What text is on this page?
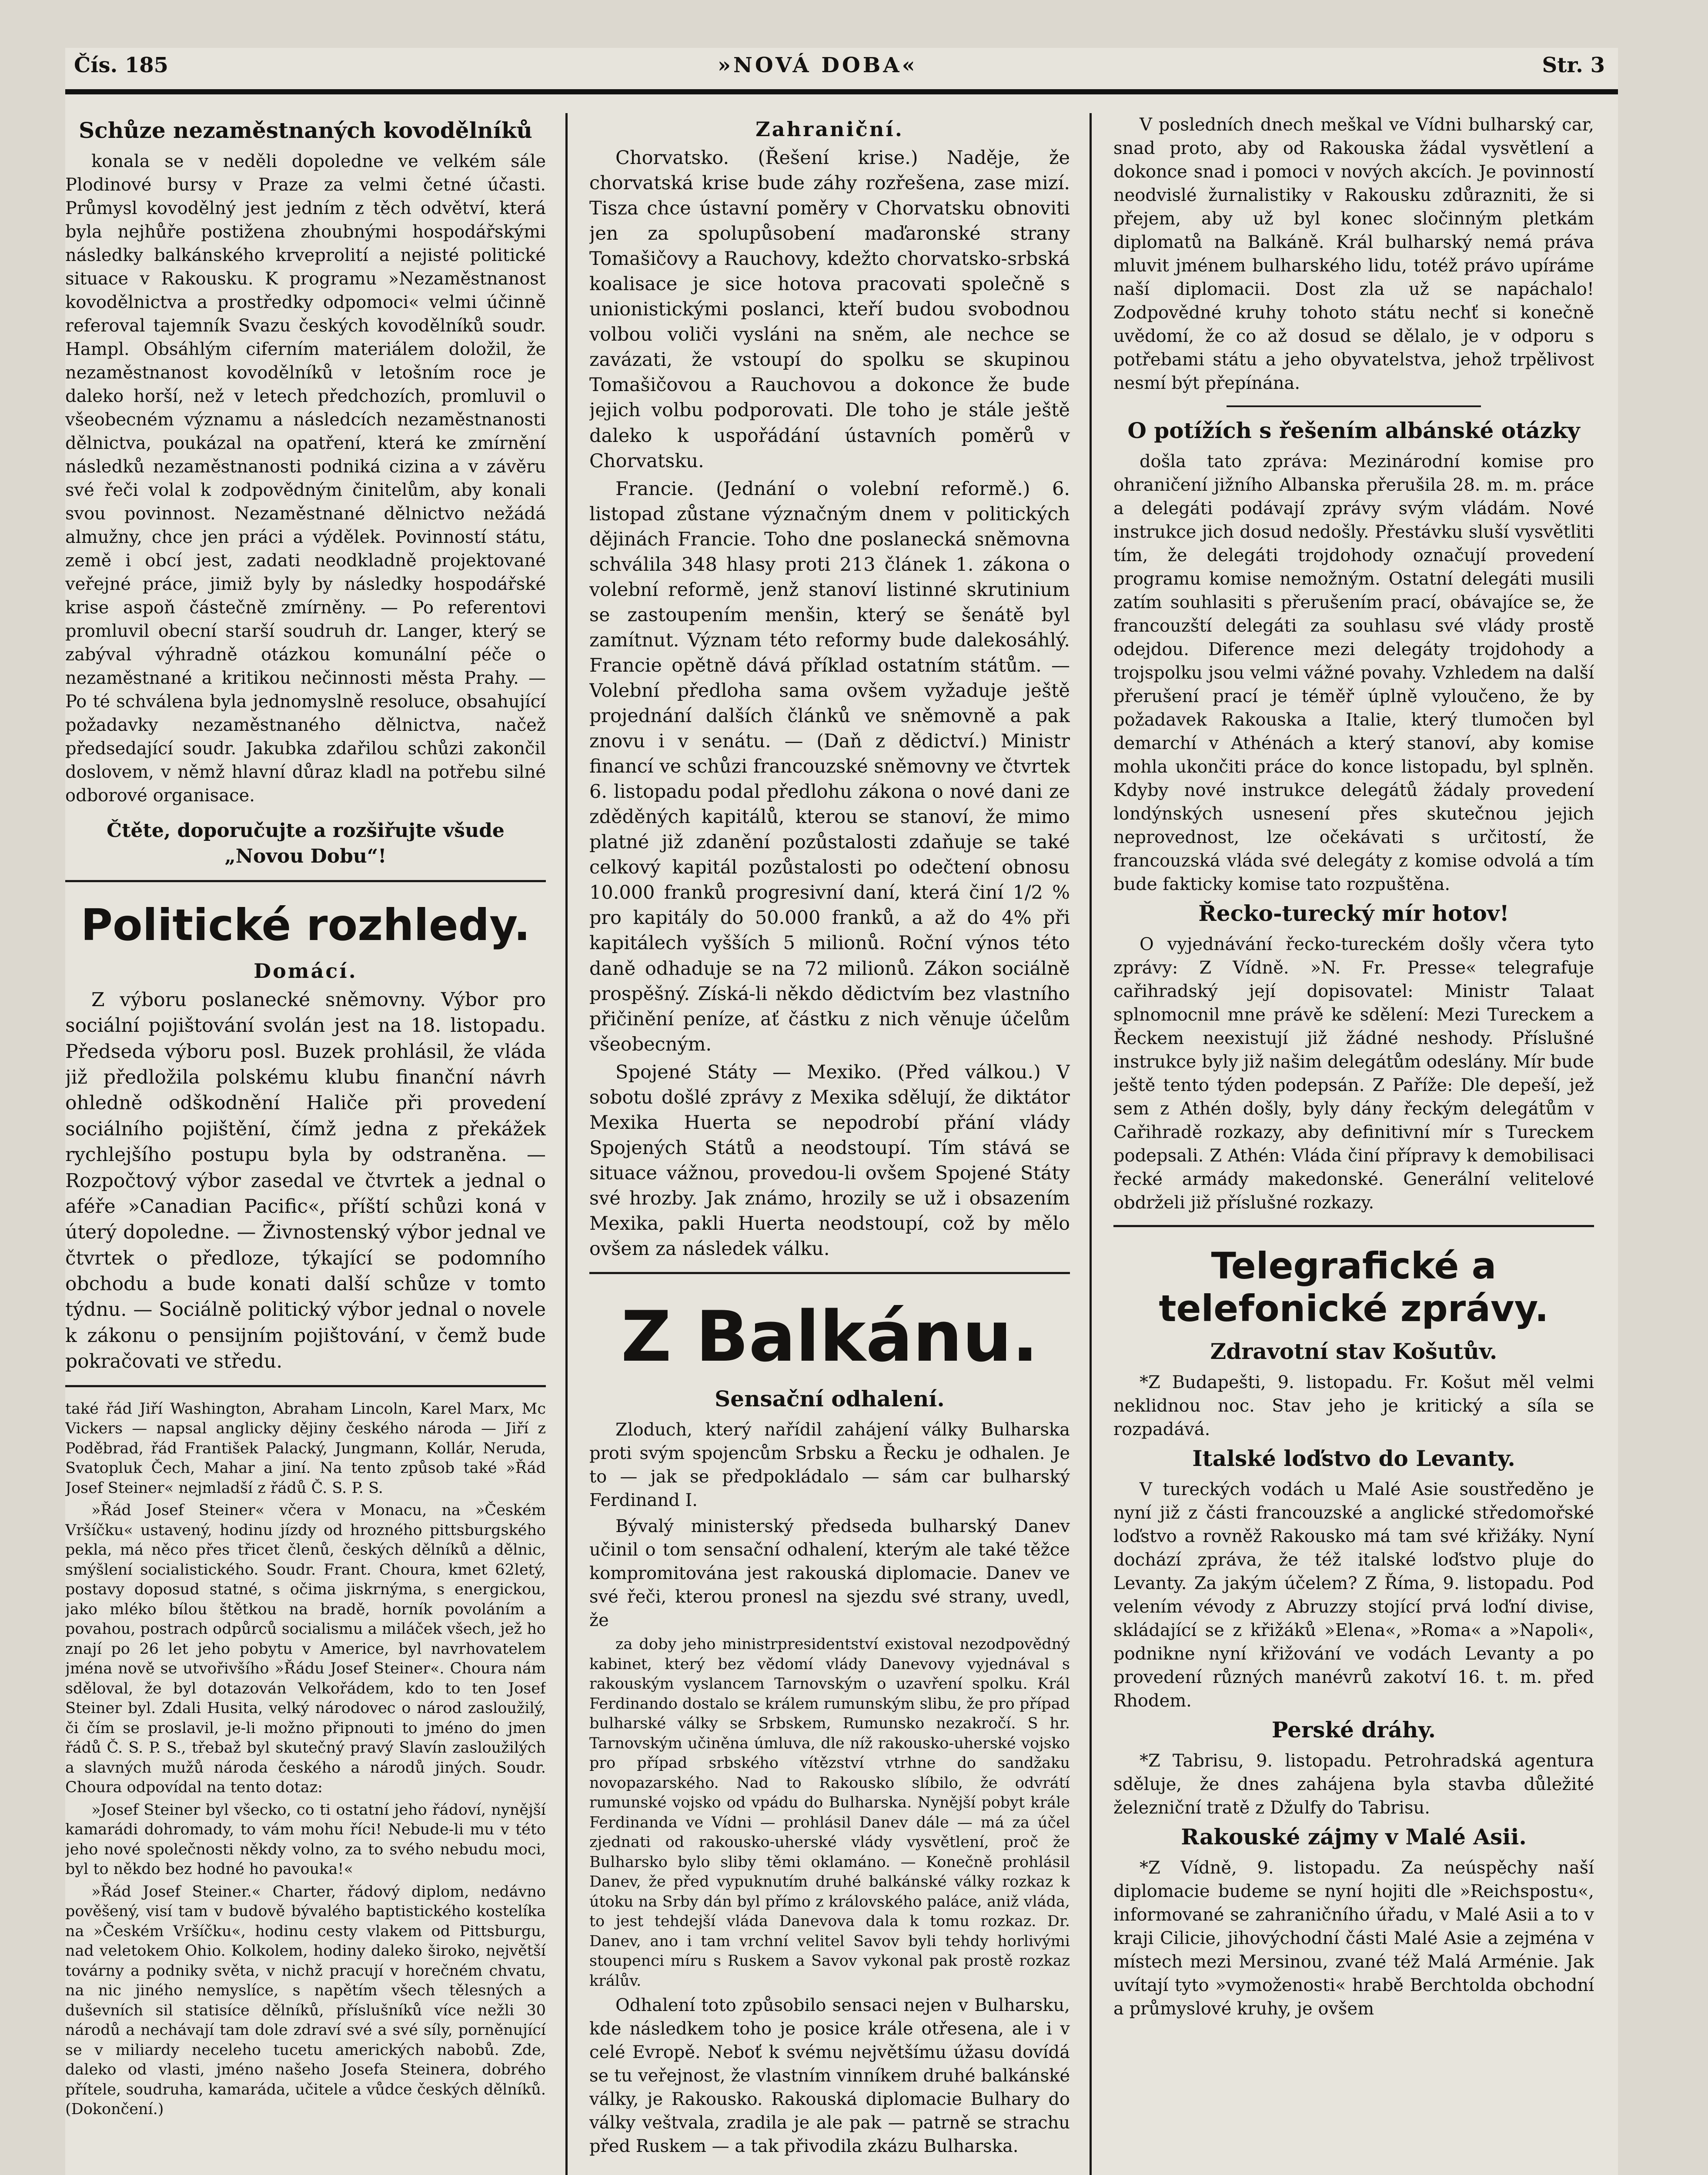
Čís. 185	»NOVÁ DOBA«	Str. 3
Schůze nezaměstnaných kovodělníků

konala se v neděli dopoledne ve velkém sále Plodinové bursy v Praze za velmi četné účasti. Průmysl kovodělný jest jedním z těch odvětví, která byla nejhůře postižena zhoubnými hospodářskými následky balkánského krveprolití a nejisté politické situace v Rakousku. K programu »Nezaměstnanost kovodělnictva a prostředky odpomoci« velmi účinně referoval tajemník Svazu českých kovodělníků soudr. Hampl. Obsáhlým ciferním materiálem doložil, že nezaměstnanost kovodělníků v letošním roce je daleko horší, než v letech předchozích, promluvil o všeobecném významu a následcích nezaměstnanosti dělnictva, poukázal na opatření, která ke zmírnění následků nezaměstnanosti podniká cizina a v závěru své řeči volal k zodpovědným činitelům, aby konali svou povinnost. Nezaměstnané dělnictvo nežádá almužny, chce jen práci a výdělek. Povinností státu, země i obcí jest, zadati neodkladně projektované veřejné práce, jimiž byly by následky hospodářské krise aspoň částečně zmírněny. — Po referentovi promluvil obecní starší soudruh dr. Langer, který se zabýval výhradně otázkou komunální péče o nezaměstnané a kritikou nečinnosti města Prahy. — Po té schválena byla jednomyslně resoluce, obsahující požadavky nezaměstnaného dělnictva, načež předsedající soudr. Jakubka zdařilou schůzi zakončil doslovem, v němž hlavní důraz kladl na potřebu silné odborové organisace.

Čtěte, doporučujte a rozšiřujte všude „Novou Dobu“!

Politické rozhledy.
Domácí.

Z výboru poslanecké sněmovny. Výbor pro sociální pojištování svolán jest na 18. listopadu. Předseda výboru posl. Buzek prohlásil, že vláda již předložila polskému klubu finanční návrh ohledně odškodnění Haliče při provedení sociálního pojištění, čímž jedna z překážek rychlejšího postupu byla by odstraněna. — Rozpočtový výbor zasedal ve čtvrtek a jednal o aféře »Canadian Pacific«, příští schůzi koná v úterý dopoledne. — Živnostenský výbor jednal ve čtvrtek o předloze, týkající se podomního obchodu a bude konati další schůze v tomto týdnu. — Sociálně politický výbor jednal o novele k zákonu o pensijním pojištování, v čemž bude pokračovati ve středu.

také řád Jiří Washington, Abraham Lincoln, Karel Marx, Mc Vickers — napsal anglicky dějiny českého národa — Jiří z Poděbrad, řád František Palacký, Jungmann, Kollár, Neruda, Svatopluk Čech, Mahar a jiní. Na tento způsob také »Řád Josef Steiner« nejmladší z řádů Č. S. P. S.

»Řád Josef Steiner« včera v Monacu, na »Českém Vršíčku« ustavený, hodinu jízdy od hrozného pittsburgského pekla, má něco přes třicet členů, českých dělníků a dělnic, smýšlení socialistického. Soudr. Frant. Choura, kmet 62letý, postavy doposud statné, s očima jiskrnýma, s energickou, jako mléko bílou štětkou na bradě, horník povoláním a povahou, postrach odpůrců socialismu a miláček všech, jež ho znají po 26 let jeho pobytu v Americe, byl navrhovatelem jména nově se utvořivšího »Řádu Josef Steiner«. Choura nám sděloval, že byl dotazován Velkořádem, kdo to ten Josef Steiner byl. Zdali Husita, velký národovec o národ zasloužilý, či čím se proslavil, je-li možno připnouti to jméno do jmen řádů Č. S. P. S., třebaž byl skutečný pravý Slavín zasloužilých a slavných mužů národa českého a národů jiných. Soudr. Choura odpovídal na tento dotaz:

»Josef Steiner byl všecko, co ti ostatní jeho řádoví, nynější kamarádi dohromady, to vám mohu říci! Nebude-li mu v této jeho nové společnosti někdy volno, za to svého nebudu moci, byl to někdo bez hodné ho pavouka!«

»Řád Josef Steiner.« Charter, řádový diplom, nedávno pověšený, visí tam v budově bývalého baptistického kostelíka na »Českém Vršíčku«, hodinu cesty vlakem od Pittsburgu, nad veletokem Ohio. Kolkolem, hodiny daleko široko, největší továrny a podniky světa, v nichž pracují v horečném chvatu, na nic jiného nemyslíce, s napětím všech tělesných a duševních sil statisíce dělníků, příslušníků více nežli 30 národů a nechávají tam dole zdraví své a své síly, porněnující se v miliardy neceleho tucetu amerických nabobů. Zde, daleko od vlasti, jméno našeho Josefa Steinera, dobrého přítele, soudruha, kamaráda, učitele a vůdce českých dělníků. (Dokončení.)

Zahraniční.

Chorvatsko. (Řešení krise.) Naděje, že chorvatská krise bude záhy rozřešena, zase mizí. Tisza chce ústavní poměry v Chorvatsku obnoviti jen za spolupůsobení maďaronské strany Tomašičovy a Rauchovy, kdežto chorvatsko-srbská koalisace je sice hotova pracovati společně s unionistickými poslanci, kteří budou svobodnou volbou voliči vysláni na sněm, ale nechce se zavázati, že vstoupí do spolku se skupinou Tomašičovou a Rauchovou a dokonce že bude jejich volbu podporovati. Dle toho je stále ještě daleko k uspořádání ústavních poměrů v Chorvatsku.

Francie. (Jednání o volební reformě.) 6. listopad zůstane význačným dnem v politických dějinách Francie. Toho dne poslanecká sněmovna schválila 348 hlasy proti 213 článek 1. zákona o volební reformě, jenž stanoví listinné skrutinium se zastoupením menšin, který se šenátě byl zamítnut. Význam této reformy bude dalekosáhlý. Francie opětně dává příklad ostatním státům. — Volební předloha sama ovšem vyžaduje ještě projednání dalších článků ve sněmovně a pak znovu i v senátu. — (Daň z dědictví.) Ministr financí ve schůzi francouzské sněmovny ve čtvrtek 6. listopadu podal předlohu zákona o nové dani ze zděděných kapitálů, kterou se stanoví, že mimo platné již zdanění pozůstalosti zdaňuje se také celkový kapitál pozůstalosti po odečtení obnosu 10.000 franků progresivní daní, která činí 1/2 % pro kapitály do 50.000 franků, a až do 4% při kapitálech vyšších 5 milionů. Roční výnos této daně odhaduje se na 72 milionů. Zákon sociálně prospěšný. Získá-li někdo dědictvím bez vlastního přičinění peníze, ať částku z nich věnuje účelům všeobecným.

Spojené Státy — Mexiko. (Před válkou.) V sobotu došlé zprávy z Mexika sdělují, že diktátor Mexika Huerta se nepodrobí přání vlády Spojených Států a neodstoupí. Tím stává se situace vážnou, provedou-li ovšem Spojené Státy své hrozby. Jak známo, hrozily se už i obsazením Mexika, pakli Huerta neodstoupí, což by mělo ovšem za následek válku.

Z Balkánu.
Sensační odhalení.

Zloduch, který nařídil zahájení války Bulharska proti svým spojencům Srbsku a Řecku je odhalen. Je to — jak se předpokládalo — sám car bulharský Ferdinand I.

Bývalý ministerský předseda bulharský Danev učinil o tom sensační odhalení, kterým ale také těžce kompromitována jest rakouská diplomacie. Danev ve své řeči, kterou pronesl na sjezdu své strany, uvedl, že

za doby jeho ministrpresidentství existoval nezodpovědný kabinet, který bez vědomí vlády Danevovy vyjednával s rakouským vyslancem Tarnovským o uzavření spolku. Král Ferdinando dostalo se králem rumunským slibu, že pro případ bulharské války se Srbskem, Rumunsko nezakročí. S hr. Tarnovským učiněna úmluva, dle níž rakousko-uherské vojsko pro případ srbského vítězství vtrhne do sandžaku novopazarského. Nad to Rakousko slíbilo, že odvrátí rumunské vojsko od vpádu do Bulharska. Nynější pobyt krále Ferdinanda ve Vídni — prohlásil Danev dále — má za účel zjednati od rakousko-uherské vlády vysvětlení, proč že Bulharsko bylo sliby těmi oklamáno. — Konečně prohlásil Danev, že před vypuknutím druhé balkánské války rozkaz k útoku na Srby dán byl přímo z královského paláce, aniž vláda, to jest tehdejší vláda Danevova dala k tomu rozkaz. Dr. Danev, ano i tam vrchní velitel Savov byli tehdy horlivými stoupenci míru s Ruskem a Savov vykonal pak prostě rozkaz králův.

Odhalení toto způsobilo sensaci nejen v Bulharsku, kde následkem toho je posice krále otřesena, ale i v celé Evropě. Neboť k svému největšímu úžasu dovídá se tu veřejnost, že vlastním vinníkem druhé balkánské války, je Rakousko. Rakouská diplomacie Bulhary do války veštvala, zradila je ale pak — patrně se strachu před Ruskem — a tak přivodila zkázu Bulharska.

V posledních dnech meškal ve Vídni bulharský car, snad proto, aby od Rakouska žádal vysvětlení a dokonce snad i pomoci v nových akcích. Je povinností neodvislé žurnalistiky v Rakousku zdůrazniti, že si přejem, aby už byl konec sločinným pletkám diplomatů na Balkáně. Král bulharský nemá práva mluvit jménem bulharského lidu, totéž právo upíráme naší diplomacii. Dost zla už se napáchalo! Zodpovědné kruhy tohoto státu nechť si konečně uvědomí, že co až dosud se dělalo, je v odporu s potřebami státu a jeho obyvatelstva, jehož trpělivost nesmí být přepínána.

O potížích s řešením albánské otázky

došla tato zpráva: Mezinárodní komise pro ohraničení jižního Albanska přerušila 28. m. m. práce a delegáti podávají zprávy svým vládám. Nové instrukce jich dosud nedošly. Přestávku sluší vysvětliti tím, že delegáti trojdohody označují provedení programu komise nemožným. Ostatní delegáti musili zatím souhlasiti s přerušením prací, obávajíce se, že francouzští delegáti za souhlasu své vlády prostě odejdou. Diference mezi delegáty trojdohody a trojspolku jsou velmi vážné povahy. Vzhledem na další přerušení prací je téměř úplně vyloučeno, že by požadavek Rakouska a Italie, který tlumočen byl demarchí v Athénách a který stanoví, aby komise mohla ukončiti práce do konce listopadu, byl splněn. Kdyby nové instrukce delegátů žádaly provedení londýnských usnesení přes skutečnou jejich neprovednost, lze očekávati s určitostí, že francouzská vláda své delegáty z komise odvolá a tím bude fakticky komise tato rozpuštěna.

Řecko-turecký mír hotov!

O vyjednávání řecko-tureckém došly včera tyto zprávy: Z Vídně. »N. Fr. Presse« telegrafuje cařihradský její dopisovatel: Ministr Talaat splnomocnil mne právě ke sdělení: Mezi Tureckem a Řeckem neexistují již žádné neshody. Příslušné instrukce byly již našim delegátům odeslány. Mír bude ještě tento týden podepsán. Z Paříže: Dle depeší, jež sem z Athén došly, byly dány řeckým delegátům v Cařihradě rozkazy, aby definitivní mír s Tureckem podepsali. Z Athén: Vláda činí přípravy k demobilisaci řecké armády makedonské. Generální velitelové obdrželi již příslušné rozkazy.

Telegrafické a telefonické zprávy.
Zdravotní stav Košutův.

*Z Budapešti, 9. listopadu. Fr. Košut měl velmi neklidnou noc. Stav jeho je kritický a síla se rozpadává.

Italské loďstvo do Levanty.

V tureckých vodách u Malé Asie soustředěno je nyní již z části francouzské a anglické středomořské loďstvo a rovněž Rakousko má tam své křižáky. Nyní dochází zpráva, že též italské loďstvo pluje do Levanty. Za jakým účelem? Z Říma, 9. listopadu. Pod velením vévody z Abruzzy stojící prvá loďní divise, skládající se z křižáků »Elena«, »Roma« a »Napoli«, podnikne nyní křižování ve vodách Levanty a po provedení různých manévrů zakotví 16. t. m. před Rhodem.

Perské dráhy.

*Z Tabrisu, 9. listopadu. Petrohradská agentura sděluje, že dnes zahájena byla stavba důležité železniční tratě z Džulfy do Tabrisu.

Rakouské zájmy v Malé Asii.

*Z Vídně, 9. listopadu. Za neúspěchy naší diplomacie budeme se nyní hojiti dle »Reichspostu«, informované se zahraničního úřadu, v Malé Asii a to v kraji Cilicie, jihovýchodní části Malé Asie a zejména v místech mezi Mersinou, zvané též Malá Arménie. Jak uvítají tyto »vymoženosti« hrabě Berchtolda obchodní a průmyslové kruhy, je ovšem
